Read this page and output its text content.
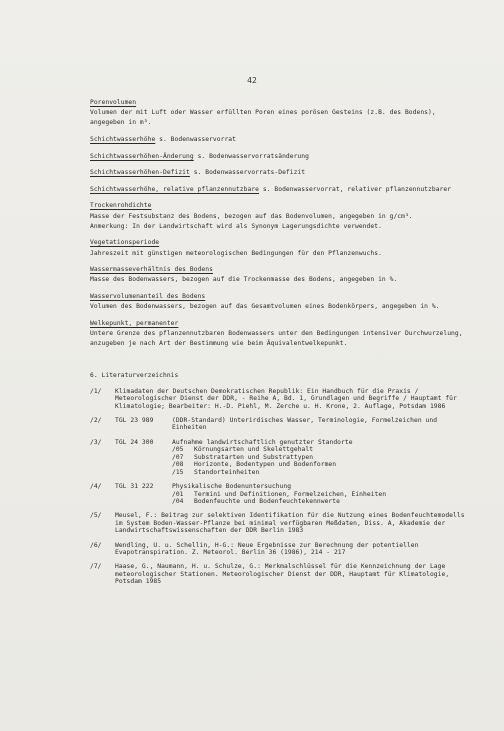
42
Porenvolumen
Volumen der mit Luft oder Wasser erfüllten Poren eines porösen Gesteins (z.B. des Bodens), angegeben in m³.
Schichtwasserhöhe s. Bodenwasservorrat
Schichtwasserhöhen-Änderung s. Bodenwasservorratsänderung
Schichtwasserhöhen-Defizit s. Bodenwasservorrats-Defizit
Schichtwasserhöhe, relative pflanzennutzbare s. Bodenwasservorrat, relativer pflanzennutzbarer
Trockenrohdichte
Masse der Festsubstanz des Bodens, bezogen auf das Bodenvolumen, angegeben in g/cm³.
Anmerkung: In der Landwirtschaft wird als Synonym Lagerungsdichte verwendet.
Vegetationsperiode
Jahreszeit mit günstigen meteorologischen Bedingungen für den Pflanzenwuchs.
Wassermasseverhältnis des Bodens
Masse des Bodenwassers, bezogen auf die Trockenmasse des Bodens, angegeben in %.
Wasservolumenanteil des Bodens
Volumen des Bodenwassers, bezogen auf das Gesamtvolumen eines Bodenkörpers, angegeben in %.
Welkepunkt, permanenter
Untere Grenze des pflanzennutzbaren Bodenwassers unter den Bedingungen intensiver Durchwurzelung, anzugeben je nach Art der Bestimmung wie beim Äquivalentwelkepunkt.
6. Literaturverzeichnis
/1/	Klimadaten der Deutschen Demokratischen Republik: Ein Handbuch für die Praxis / Meteorologischer Dienst der DDR, - Reihe A, Bd. 1, Grundlagen und Begriffe / Hauptamt für Klimatologie; Bearbeiter: H.-D. Piehl, M. Zerche u. H. Krone, 2. Auflage, Potsdam 1986
/2/	TGL 23 989	(DDR-Standard) Unterirdisches Wasser, Terminologie, Formelzeichen und Einheiten
/3/	TGL 24 300	Aufnahme landwirtschaftlich genutzter Standorte
/05	Körnungsarten und Skelettgehalt
/07	Substratarten und Substrattypen
/08	Horizonte, Bodentypen und Bodenformen
/15	Standorteinheiten
/4/	TGL 31 222	Physikalische Bodenuntersuchung
/01	Termini und Definitionen, Formelzeichen, Einheiten
/04	Bodenfeuchte und Bodenfeuchtekennwerte
/5/	Meusel, F.: Beitrag zur selektiven Identifikation für die Nutzung eines Bodenfeuchtemodells im System Boden-Wasser-Pflanze bei minimal verfügbaren Meßdaten, Diss. A, Akademie der Landwirtschaftswissenschaften der DDR Berlin 1983
/6/	Wendling, U. u. Schellin, H-G.: Neue Ergebnisse zur Berechnung der potentiellen Evapotranspiration. Z. Meteorol. Berlin 36 (1986), 214 - 217
/7/	Haase, G., Naumann, H. u. Schulze, G.: Merkmalschlüssel für die Kennzeichnung der Lage meteorologischer Stationen. Meteorologischer Dienst der DDR, Hauptamt für Klimatologie, Potsdam 1985
